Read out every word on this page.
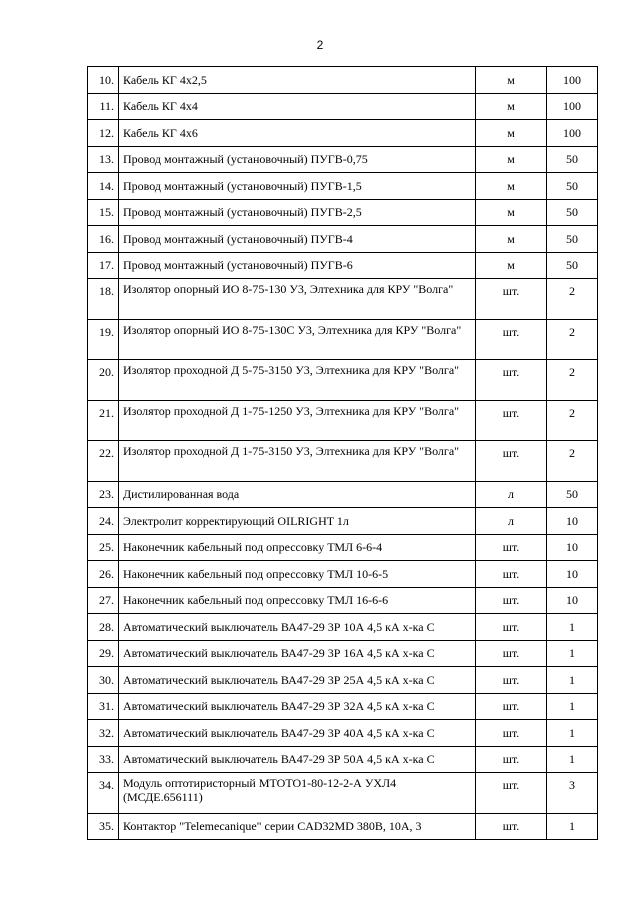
2
10.	Кабель КГ 4х2,5	м	100
11.	Кабель КГ 4х4	м	100
12.	Кабель КГ 4х6	м	100
13.	Провод монтажный (установочный) ПУГВ-0,75	м	50
14.	Провод монтажный (установочный) ПУГВ-1,5	м	50
15.	Провод монтажный (установочный) ПУГВ-2,5	м	50
16.	Провод монтажный (установочный) ПУГВ-4	м	50
17.	Провод монтажный (установочный) ПУГВ-6	м	50
18.	Изолятор опорный ИО 8-75-130 У3, Элтехника для КРУ "Волга"	шт.	2
19.	Изолятор опорный ИО 8-75-130С У3, Элтехника для КРУ "Волга"	шт.	2
20.	Изолятор проходной Д 5-75-3150 У3, Элтехника для КРУ "Волга"	шт.	2
21.	Изолятор проходной Д 1-75-1250 У3, Элтехника для КРУ "Волга"	шт.	2
22.	Изолятор проходной Д 1-75-3150 У3, Элтехника для КРУ "Волга"	шт.	2
23.	Дистилированная вода	л	50
24.	Электролит корректирующий OILRIGHT 1л	л	10
25.	Наконечник кабельный под опрессовку ТМЛ 6-6-4	шт.	10
26.	Наконечник кабельный под опрессовку ТМЛ 10-6-5	шт.	10
27.	Наконечник кабельный под опрессовку ТМЛ 16-6-6	шт.	10
28.	Автоматический выключатель ВА47-29 3Р 10А 4,5 кА х-ка С	шт.	1
29.	Автоматический выключатель ВА47-29 3Р 16А 4,5 кА х-ка С	шт.	1
30.	Автоматический выключатель ВА47-29 3Р 25А 4,5 кА х-ка С	шт.	1
31.	Автоматический выключатель ВА47-29 3Р 32А 4,5 кА х-ка С	шт.	1
32.	Автоматический выключатель ВА47-29 3Р 40А 4,5 кА х-ка С	шт.	1
33.	Автоматический выключатель ВА47-29 3Р 50А 4,5 кА х-ка С	шт.	1
34.	Модуль оптотиристорный МТОТО1-80-12-2-А УХЛ4 (МСДЕ.656111)	шт.	3
35.	Контактор "Telemecanique" серии CAD32MD 380В, 10А, 3	шт.	1
